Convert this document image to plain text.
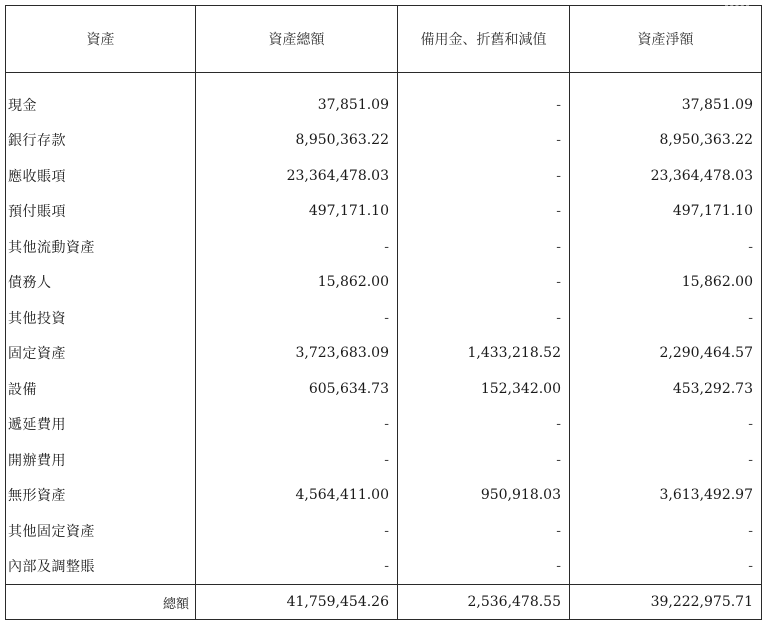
資產	資產總額	備用金、折舊和減值	資產淨額
現金	37,851.09	-	37,851.09
銀行存款	8,950,363.22	-	8,950,363.22
應收賬項	23,364,478.03	-	23,364,478.03
預付賬項	497,171.10	-	497,171.10
其他流動資產	-	-	-
債務人	15,862.00	-	15,862.00
其他投資	-	-	-
固定資產	3,723,683.09	1,433,218.52	2,290,464.57
設備	605,634.73	152,342.00	453,292.73
遞延費用	-	-	-
開辦費用	-	-	-
無形資產	4,564,411.00	950,918.03	3,613,492.97
其他固定資產	-	-	-
內部及調整賬	-	-	-
總額	41,759,454.26	2,536,478.55	39,222,975.71
